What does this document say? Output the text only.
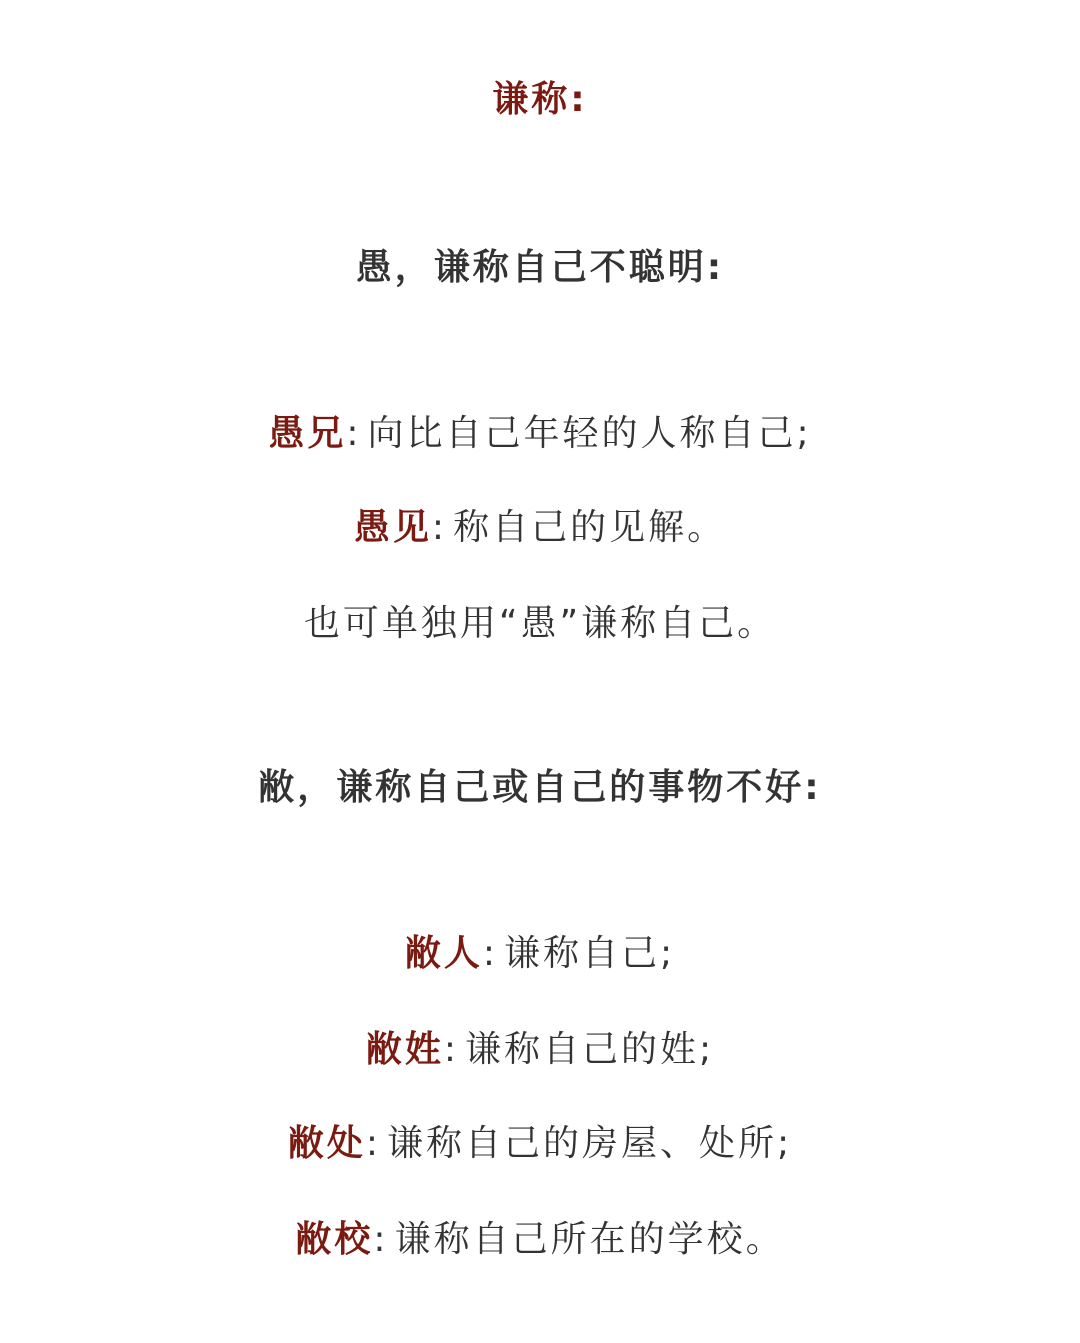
谦称:
愚，谦称自己不聪明:
愚兄: 向比自己年轻的人称自己;
愚见: 称自己的见解。
也可单独用“愚”谦称自己。
敝，谦称自己或自己的事物不好:
敝人: 谦称自己;
敝姓: 谦称自己的姓;
敝处: 谦称自己的房屋、处所;
敝校: 谦称自己所在的学校。
